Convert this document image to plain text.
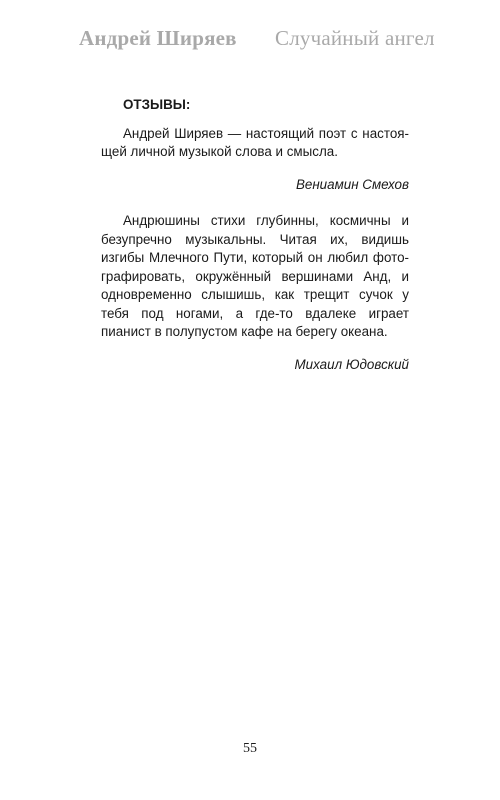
Андрей Ширяев Случайный ангел

ОТЗЫВЫ:

Андрей Ширяев — настоящий поэт с настоящей личной музыкой слова и смысла.

Вениамин Смехов

Андрюшины стихи глубинны, космичны и безупречно музыкальны. Читая их, видишь изгибы Млечного Пути, который он любил фотографировать, окружённый вершинами Анд, и одновременно слышишь, как трещит сучок у тебя под ногами, а где-то вдалеке играет пианист в полупустом кафе на берегу океана.

Михаил Юдовский

55
